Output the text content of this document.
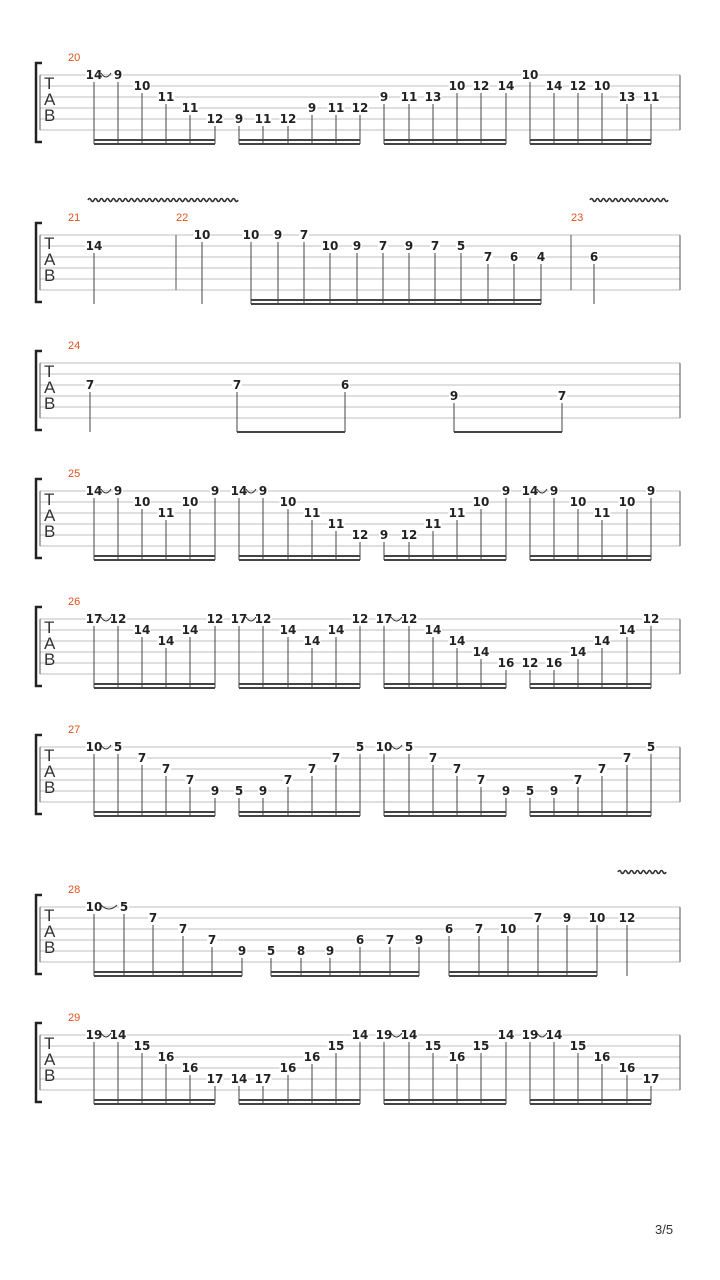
T
A
B
20
14 9
10
11
11
12 9 11 12
9 11 12
9 11 13
10 12 14
10
14 12 10
13 11
T
A
B
21	22	23
14
10	10 9 7
10 9 7 9 7 5
7 6 4	6
T
A
B
24
7	7	6
9	7
T
A
B
25
14 9
10
11
10
9 14 9
10
11
11
12 9 12
11
11
10
9 14 9
10
11
10
9
T
A
B
26
17 12
14
14
14
12 17 12
14
14
14
12 17 12
14
14
14
16 12 16
14
14
14
12
T
A
B
27
10 5
7
7
7
9 5 9
7
7
7
5 10 5
7
7
7
9 5 9
7
7
7
5
T
A
B
28
10 5
7
7
7
9 5 8 9
6 7 9
6 7 10
7 9 10 12
T
A
B
29
19 14
15
16
16
17 14 17
16
16
15
14 19 14
15
16
15
14 19 14
15
16
16
17
3/5
